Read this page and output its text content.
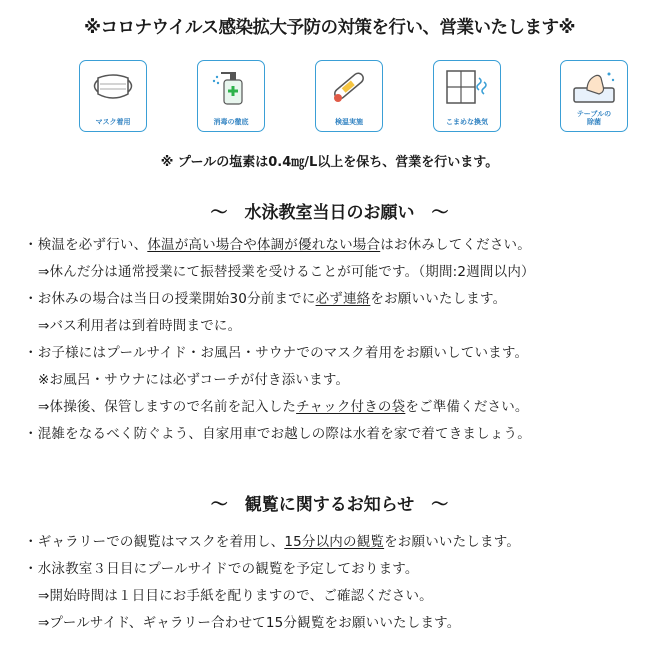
※コロナウイルス感染拡大予防の対策を行い、営業いたします※
マスク着用	消毒の徹底	検温実施	こまめな換気
テーブルの
除菌
※ プールの塩素は0.4㎎/L以上を保ち、営業を行います。
～　水泳教室当日のお願い　～
・検温を必ず行い、体温が高い場合や体調が優れない場合はお休みしてください。
⇒休んだ分は通常授業にて振替授業を受けることが可能です。（期間:2週間以内）
・お休みの場合は当日の授業開始30分前までに必ず連絡をお願いいたします。
⇒バス利用者は到着時間までに。
・お子様にはプールサイド・お風呂・サウナでのマスク着用をお願いしています。
※お風呂・サウナには必ずコーチが付き添います。
⇒体操後、保管しますので名前を記入したチャック付きの袋をご準備ください。
・混雑をなるべく防ぐよう、自家用車でお越しの際は水着を家で着てきましょう。
～　観覧に関するお知らせ　～
・ギャラリーでの観覧はマスクを着用し、15分以内の観覧をお願いいたします。
・水泳教室３日目にプールサイドでの観覧を予定しております。
⇒開始時間は１日目にお手紙を配りますので、ご確認ください。
⇒プールサイド、ギャラリー合わせて15分観覧をお願いいたします。
